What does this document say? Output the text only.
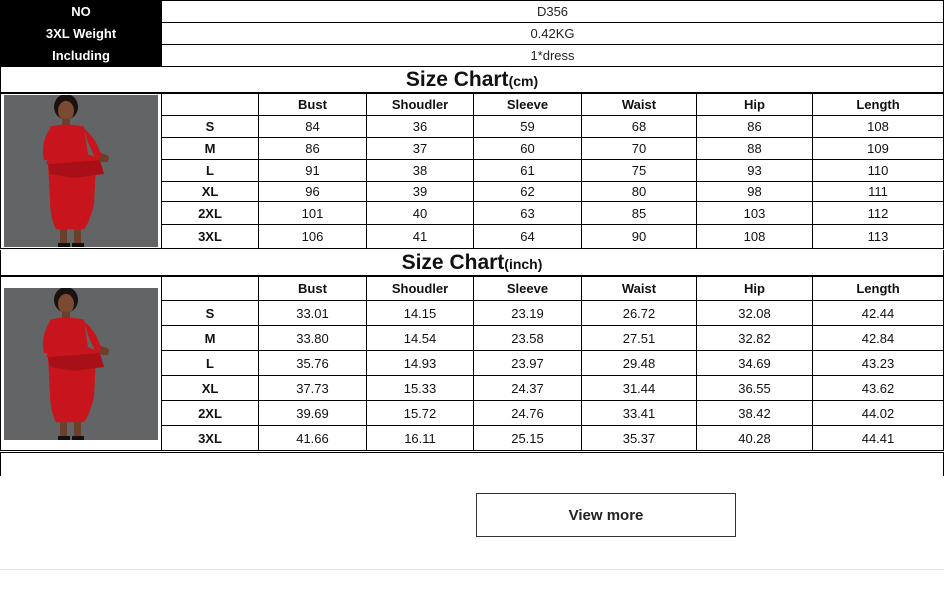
NO	D356
3XL Weight	0.42KG
Including	1*dress
Size Chart(cm)
		Bust	Shoudler	Sleeve	Waist	Hip	Length
	S	84	36	59	68	86	108
	M	86	37	60	70	88	109
	L	91	38	61	75	93	110
	XL	96	39	62	80	98	111
	2XL	101	40	63	85	103	112
	3XL	106	41	64	90	108	113
Size Chart(inch)
		Bust	Shoudler	Sleeve	Waist	Hip	Length
	S	33.01	14.15	23.19	26.72	32.08	42.44
	M	33.80	14.54	23.58	27.51	32.82	42.84
	L	35.76	14.93	23.97	29.48	34.69	43.23
	XL	37.73	15.33	24.37	31.44	36.55	43.62
	2XL	39.69	15.72	24.76	33.41	38.42	44.02
	3XL	41.66	16.11	25.15	35.37	40.28	44.41
View more
